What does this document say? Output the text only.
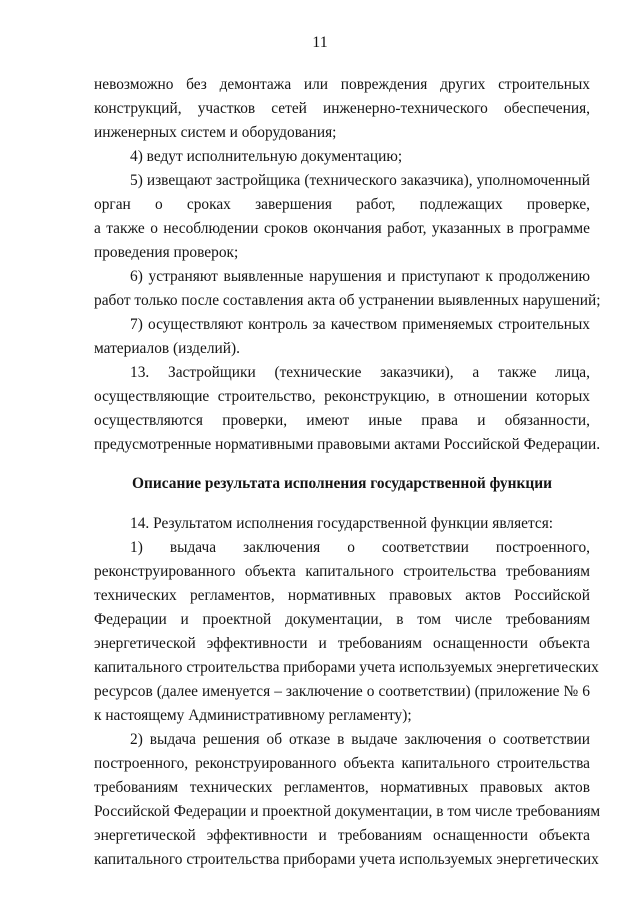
11

невозможно без демонтажа или повреждения других строительных

конструкций, участков сетей инженерно-технического обеспечения,

инженерных систем и оборудования;

4) ведут исполнительную документацию;

5) извещают застройщика (технического заказчика), уполномоченный

орган о сроках завершения работ, подлежащих проверке,

а также о несоблюдении сроков окончания работ, указанных в программе

проведения проверок;

6) устраняют выявленные нарушения и приступают к продолжению

работ только после составления акта об устранении выявленных нарушений;

7) осуществляют контроль за качеством применяемых строительных

материалов (изделий).

13. Застройщики (технические заказчики), а также лица,

осуществляющие строительство, реконструкцию, в отношении которых

осуществляются проверки, имеют иные права и обязанности,

предусмотренные нормативными правовыми актами Российской Федерации.

Описание результата исполнения государственной функции

14. Результатом исполнения государственной функции является:

1) выдача заключения о соответствии построенного,

реконструированного объекта капитального строительства требованиям

технических регламентов, нормативных правовых актов Российской

Федерации и проектной документации, в том числе требованиям

энергетической эффективности и требованиям оснащенности объекта

капитального строительства приборами учета используемых энергетических

ресурсов (далее именуется – заключение о соответствии) (приложение № 6

к настоящему Административному регламенту);

2) выдача решения об отказе в выдаче заключения о соответствии

построенного, реконструированного объекта капитального строительства

требованиям технических регламентов, нормативных правовых актов

Российской Федерации и проектной документации, в том числе требованиям

энергетической эффективности и требованиям оснащенности объекта

капитального строительства приборами учета используемых энергетических
